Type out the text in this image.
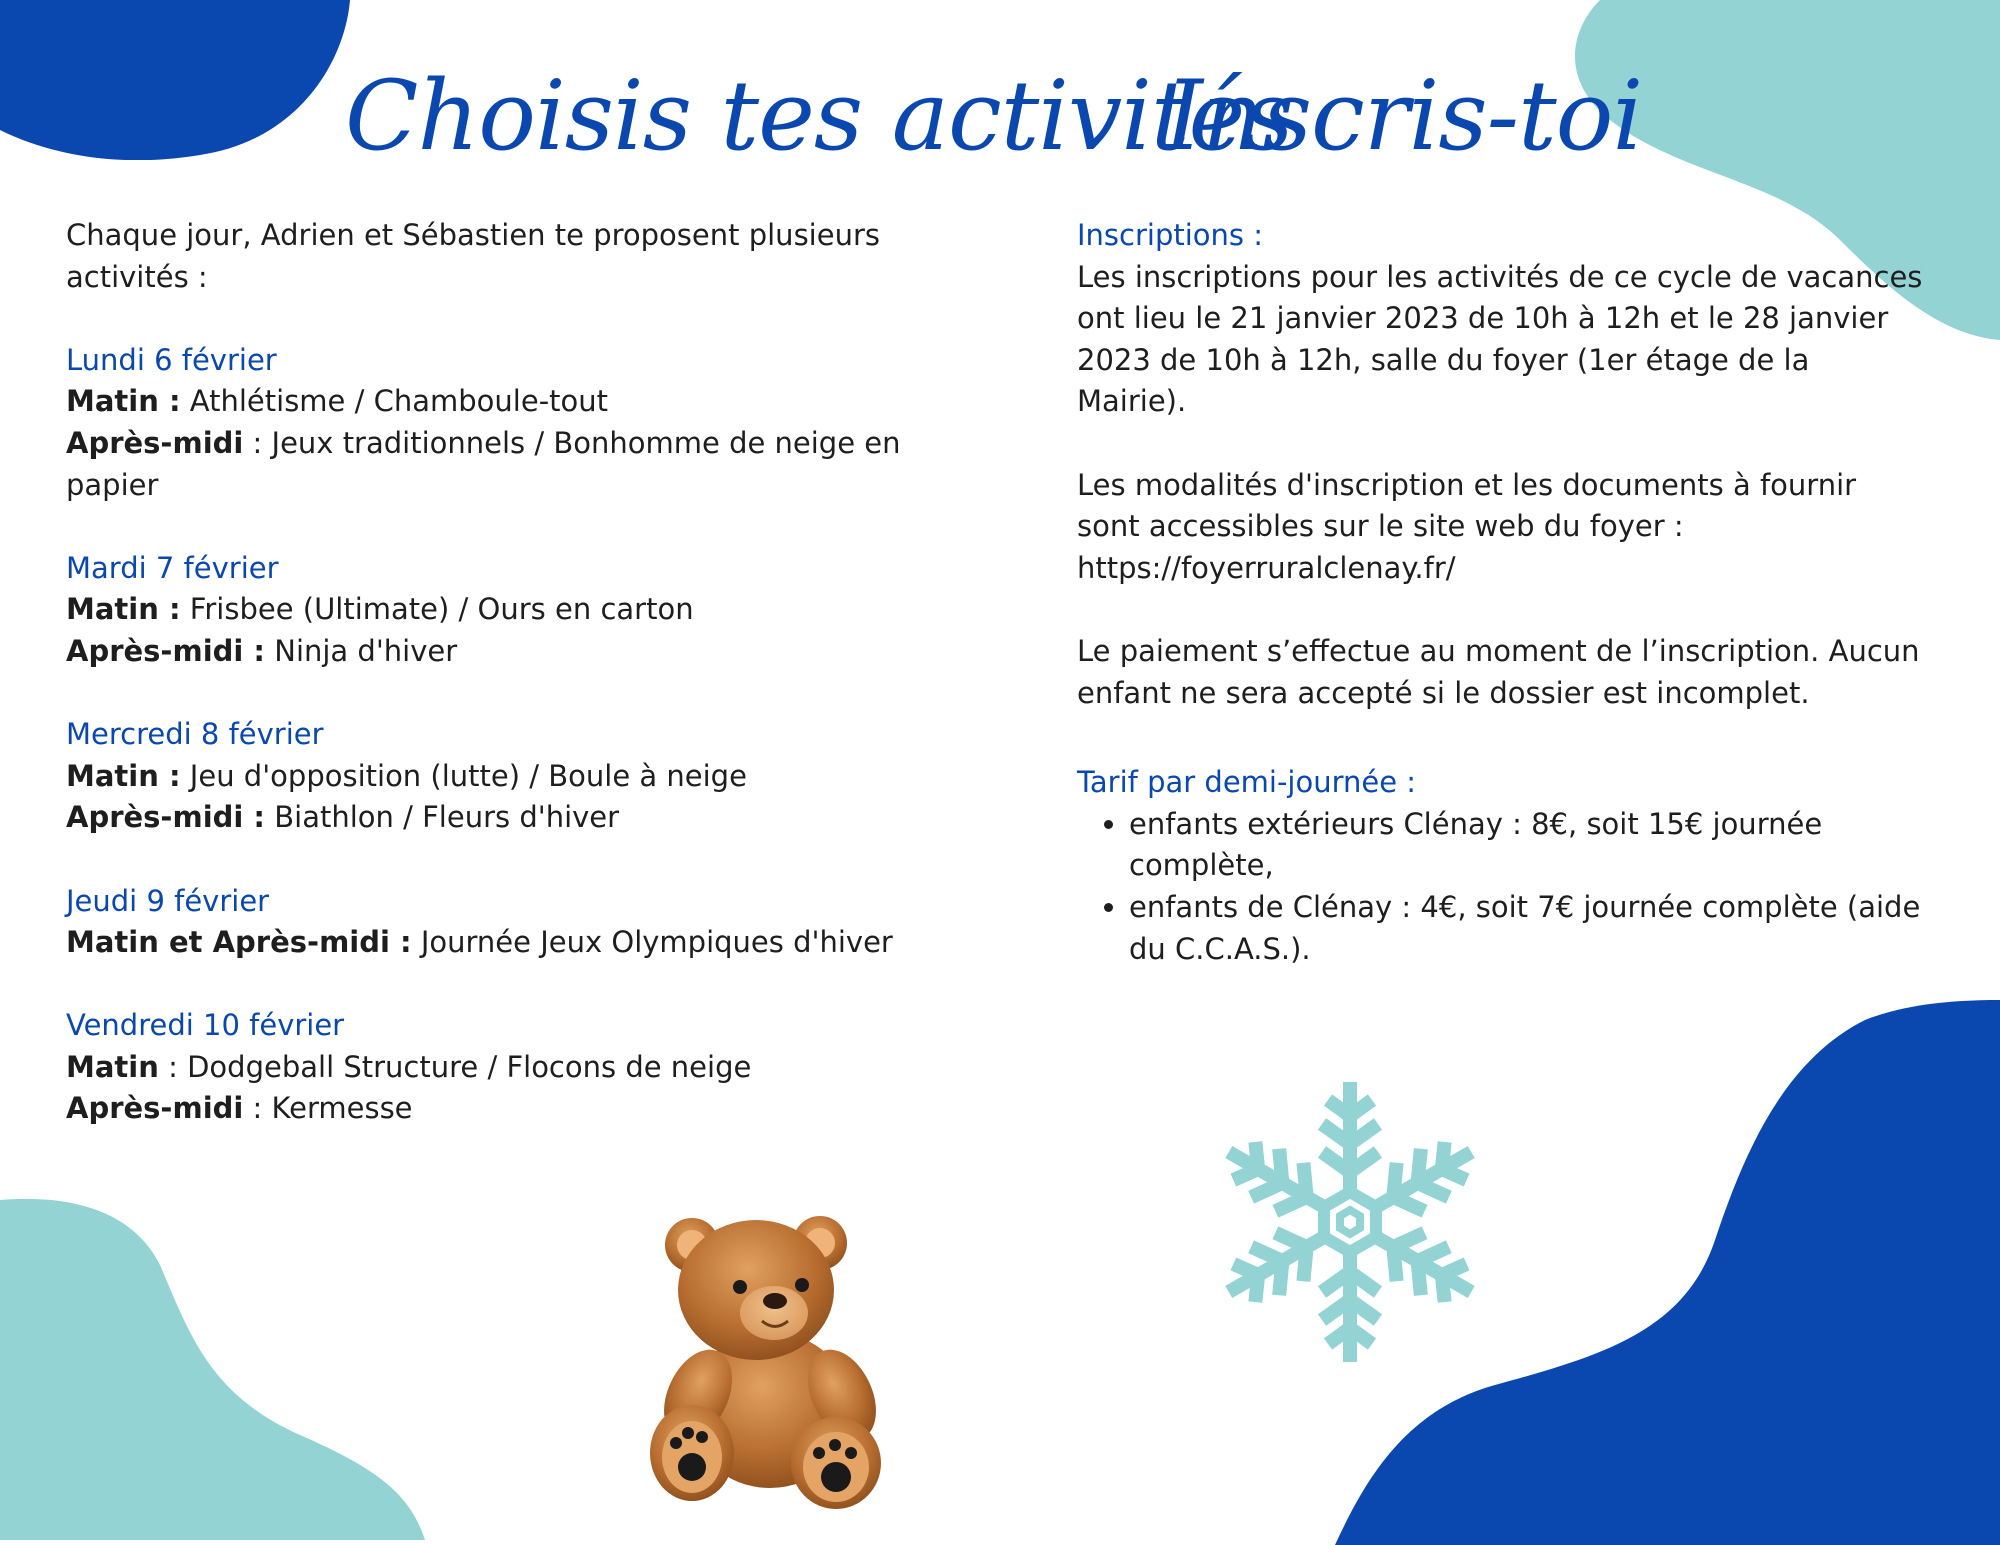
Choisis tes activités
Inscris-toi

Chaque jour, Adrien et Sébastien te proposent plusieurs activités :

Lundi 6 février

Matin : Athlétisme / Chamboule-tout

Après-midi : Jeux traditionnels / Bonhomme de neige en papier

Mardi 7 février

Matin : Frisbee (Ultimate) / Ours en carton

Après-midi : Ninja d'hiver

Mercredi 8 février

Matin : Jeu d'opposition (lutte) / Boule à neige

Après-midi : Biathlon / Fleurs d'hiver

Jeudi 9 février

Matin et Après-midi : Journée Jeux Olympiques d'hiver

Vendredi 10 février

Matin : Dodgeball Structure / Flocons de neige

Après-midi : Kermesse

Inscriptions :

Les inscriptions pour les activités de ce cycle de vacances ont lieu le 21 janvier 2023 de 10h à 12h et le 28 janvier 2023 de 10h à 12h, salle du foyer (1er étage de la Mairie).

Les modalités d'inscription et les documents à fournir sont accessibles sur le site web du foyer : https://foyerruralclenay.fr/

Le paiement s’effectue au moment de l’inscription. Aucun enfant ne sera accepté si le dossier est incomplet.

Tarif par demi-journée :

• enfants extérieurs Clénay : 8€, soit 15€ journée complète,
• enfants de Clénay : 4€, soit 7€ journée complète (aide du C.C.A.S.).
